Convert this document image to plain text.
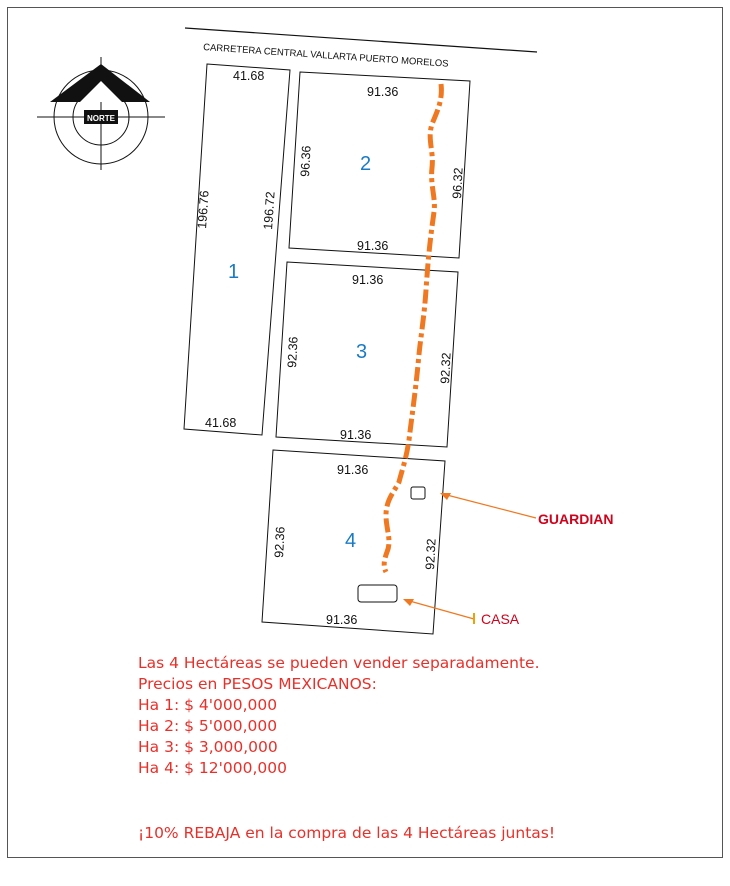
CARRETERA CENTRAL VALLARTA PUERTO MORELOS
NORTE
41.68
41.68
196.76	196.72
1
91.36
91.36
96.36
96.32
2
91.36
91.36
92.36
92.32
3
91.36
91.36
92.36	92.32
4
GUARDIAN
CASA
Las 4 Hectáreas se pueden vender separadamente.
Precios en PESOS MEXICANOS:
Ha 1: $ 4'000,000
Ha 2: $ 5'000,000
Ha 3: $ 3,000,000
Ha 4: $ 12'000,000
¡10% REBAJA en la compra de las 4 Hectáreas juntas!
